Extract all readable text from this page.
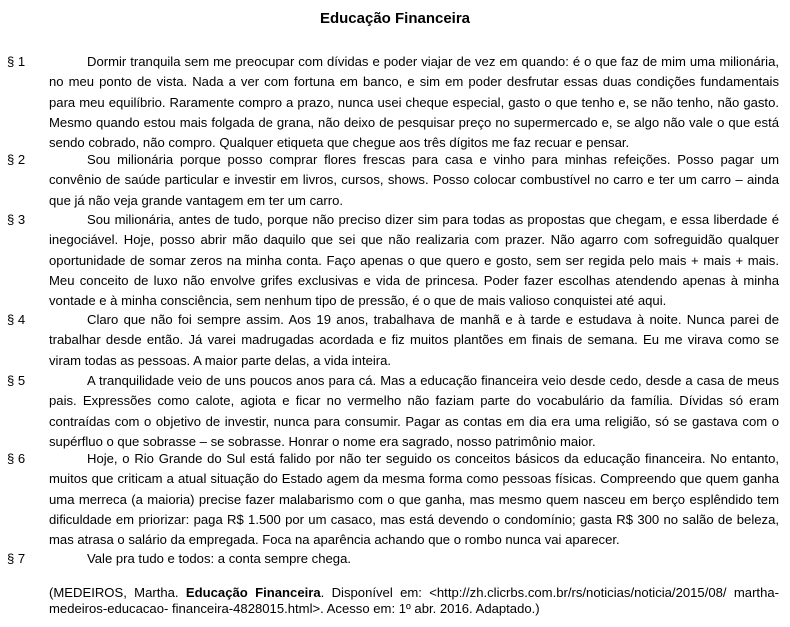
Educação Financeira
§ 1	Dormir tranquila sem me preocupar com dívidas e poder viajar de vez em quando: é o que faz de mim uma milionária, no meu ponto de vista. Nada a ver com fortuna em banco, e sim em poder desfrutar essas duas condições fundamentais para meu equilíbrio. Raramente compro a prazo, nunca usei cheque especial, gasto o que tenho e, se não tenho, não gasto. Mesmo quando estou mais folgada de grana, não deixo de pesquisar preço no supermercado e, se algo não vale o que está sendo cobrado, não compro. Qualquer etiqueta que chegue aos três dígitos me faz recuar e pensar.

§ 2	Sou milionária porque posso comprar flores frescas para casa e vinho para minhas refeições. Posso pagar um convênio de saúde particular e investir em livros, cursos, shows. Posso colocar combustível no carro e ter um carro – ainda que já não veja grande vantagem em ter um carro.

§ 3	Sou milionária, antes de tudo, porque não preciso dizer sim para todas as propostas que chegam, e essa liberdade é inegociável. Hoje, posso abrir mão daquilo que sei que não realizaria com prazer. Não agarro com sofreguidão qualquer oportunidade de somar zeros na minha conta. Faço apenas o que quero e gosto, sem ser regida pelo mais + mais + mais. Meu conceito de luxo não envolve grifes exclusivas e vida de princesa. Poder fazer escolhas atendendo apenas à minha vontade e à minha consciência, sem nenhum tipo de pressão, é o que de mais valioso conquistei até aqui.

§ 4	Claro que não foi sempre assim. Aos 19 anos, trabalhava de manhã e à tarde e estudava à noite. Nunca parei de trabalhar desde então. Já varei madrugadas acordada e fiz muitos plantões em finais de semana. Eu me virava como se viram todas as pessoas. A maior parte delas, a vida inteira.

§ 5	A tranquilidade veio de uns poucos anos para cá. Mas a educação financeira veio desde cedo, desde a casa de meus pais. Expressões como calote, agiota e ficar no vermelho não faziam parte do vocabulário da família. Dívidas só eram contraídas com o objetivo de investir, nunca para consumir. Pagar as contas em dia era uma religião, só se gastava com o supérfluo o que sobrasse – se sobrasse. Honrar o nome era sagrado, nosso patrimônio maior.

§ 6	Hoje, o Rio Grande do Sul está falido por não ter seguido os conceitos básicos da educação financeira. No entanto, muitos que criticam a atual situação do Estado agem da mesma forma como pessoas físicas. Compreendo que quem ganha uma merreca (a maioria) precise fazer malabarismo com o que ganha, mas mesmo quem nasceu em berço esplêndido tem dificuldade em priorizar: paga R$ 1.500 por um casaco, mas está devendo o condomínio; gasta R$ 300 no salão de beleza, mas atrasa o salário da empregada. Foca na aparência achando que o rombo nunca vai aparecer.

§ 7	Vale pra tudo e todos: a conta sempre chega.

(MEDEIROS, Martha. Educação Financeira. Disponível em: <http://zh.clicrbs.com.br/rs/noticias/noticia/2015/08/ martha-medeiros-educacao- financeira-4828015.html>. Acesso em: 1º abr. 2016. Adaptado.)
